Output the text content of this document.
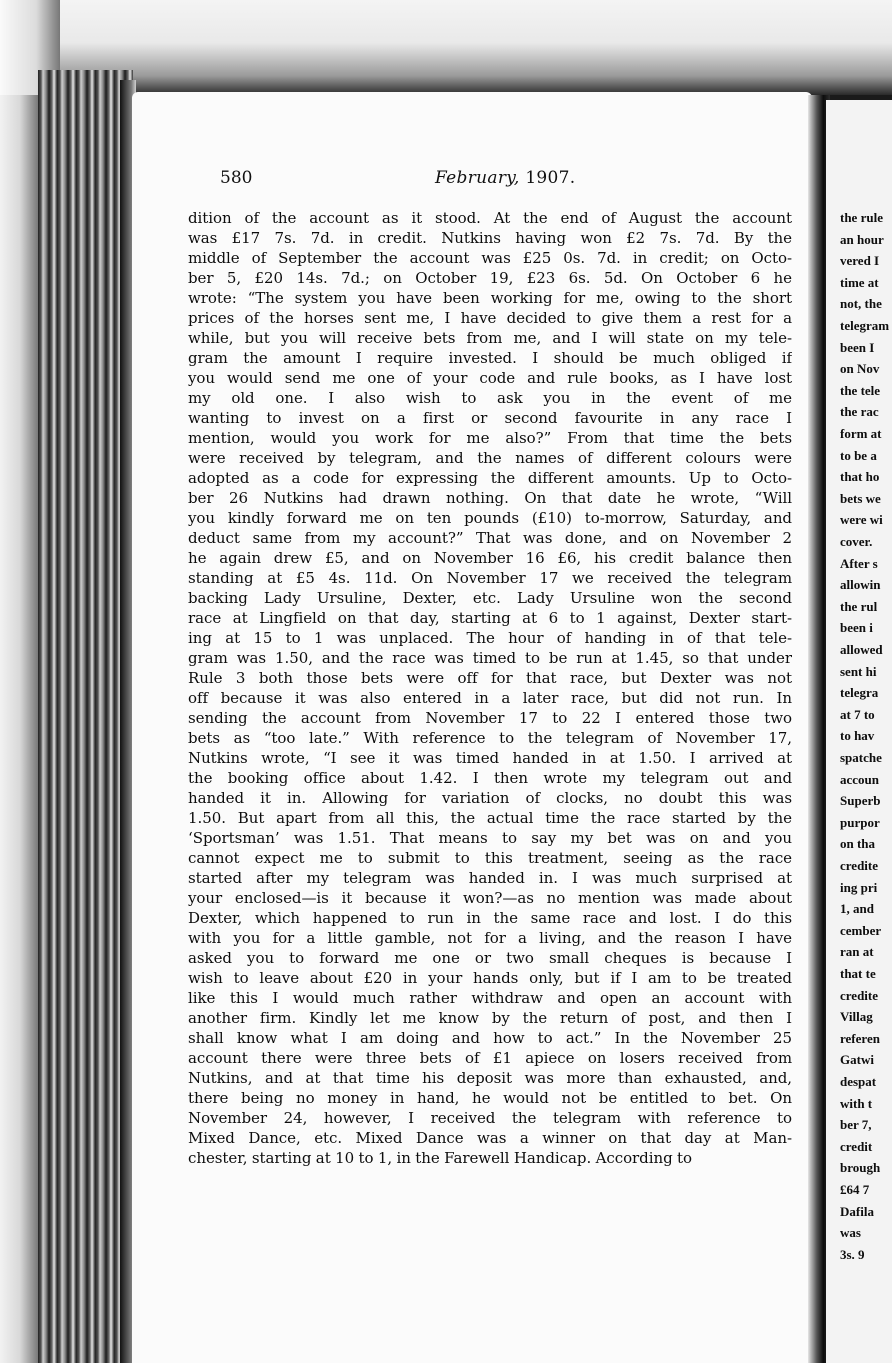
580	February, 1907.
dition of the account as it stood. At the end of August the account
was £17 7s. 7d. in credit. Nutkins having won £2 7s. 7d. By the
middle of September the account was £25 0s. 7d. in credit; on Octo-
ber 5, £20 14s. 7d.; on October 19, £23 6s. 5d. On October 6 he
wrote: “The system you have been working for me, owing to the short
prices of the horses sent me, I have decided to give them a rest for a
while, but you will receive bets from me, and I will state on my tele-
gram the amount I require invested. I should be much obliged if
you would send me one of your code and rule books, as I have lost
my old one. I also wish to ask you in the event of me
wanting to invest on a first or second favourite in any race I
mention, would you work for me also?” From that time the bets
were received by telegram, and the names of different colours were
adopted as a code for expressing the different amounts. Up to Octo-
ber 26 Nutkins had drawn nothing. On that date he wrote, “Will
you kindly forward me on ten pounds (£10) to-morrow, Saturday, and
deduct same from my account?” That was done, and on November 2
he again drew £5, and on November 16 £6, his credit balance then
standing at £5 4s. 11d. On November 17 we received the telegram
backing Lady Ursuline, Dexter, etc. Lady Ursuline won the second
race at Lingfield on that day, starting at 6 to 1 against, Dexter start-
ing at 15 to 1 was unplaced. The hour of handing in of that tele-
gram was 1.50, and the race was timed to be run at 1.45, so that under
Rule 3 both those bets were off for that race, but Dexter was not
off because it was also entered in a later race, but did not run. In
sending the account from November 17 to 22 I entered those two
bets as “too late.” With reference to the telegram of November 17,
Nutkins wrote, “I see it was timed handed in at 1.50. I arrived at
the booking office about 1.42. I then wrote my telegram out and
handed it in. Allowing for variation of clocks, no doubt this was
1.50. But apart from all this, the actual time the race started by the
‘Sportsman’ was 1.51. That means to say my bet was on and you
cannot expect me to submit to this treatment, seeing as the race
started after my telegram was handed in. I was much surprised at
your enclosed—is it because it won?—as no mention was made about
Dexter, which happened to run in the same race and lost. I do this
with you for a little gamble, not for a living, and the reason I have
asked you to forward me one or two small cheques is because I
wish to leave about £20 in your hands only, but if I am to be treated
like this I would much rather withdraw and open an account with
another firm. Kindly let me know by the return of post, and then I
shall know what I am doing and how to act.” In the November 25
account there were three bets of £1 apiece on losers received from
Nutkins, and at that time his deposit was more than exhausted, and,
there being no money in hand, he would not be entitled to bet. On
November 24, however, I received the telegram with reference to
Mixed Dance, etc. Mixed Dance was a winner on that day at Man-
chester, starting at 10 to 1, in the Farewell Handicap. According to
the rule
an hour
vered I
time at
not, the
telegram
been I
on Nov
the tele
the rac
form at
to be a
that ho
bets we
were wi
cover.
After s
allowin
the rul
been i
allowed
sent hi
telegra
at 7 to
to hav
spatche
accoun
Superb
purpor
on tha
credite
ing pri
1, and
cember
ran at
that te
credite
Villag
referen
Gatwi
despat
with t
ber 7,
credit
brough
£64 7
Dafila
was
3s. 9
